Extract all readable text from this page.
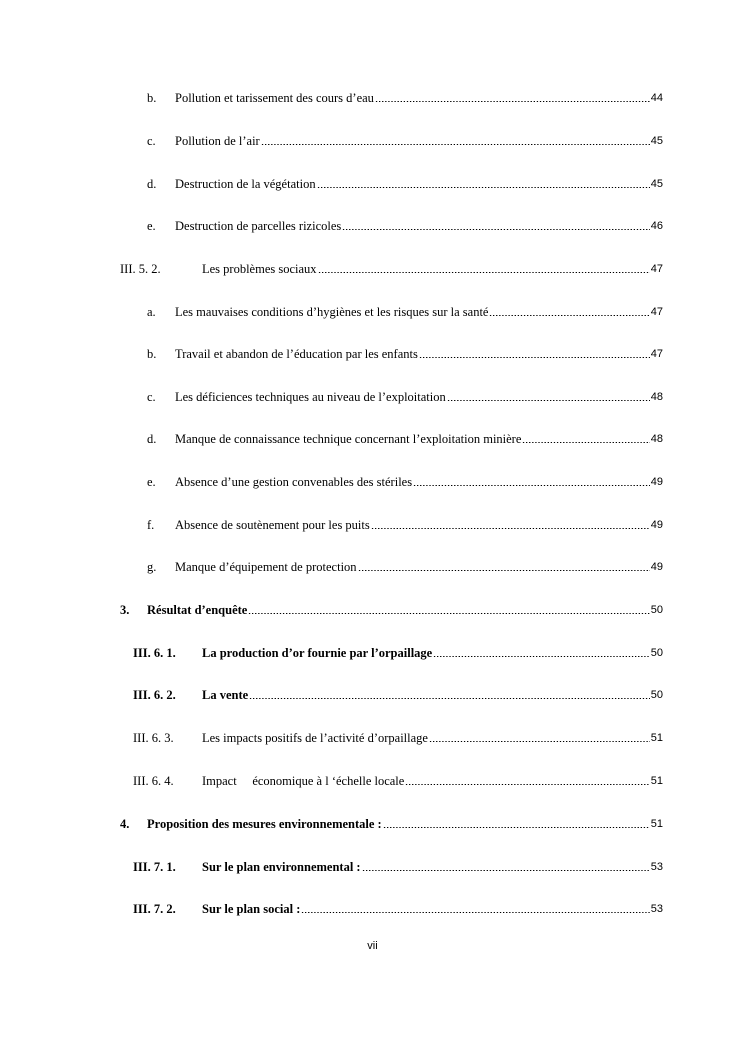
b.	Pollution et tarissement des cours d’eau	44
c.	Pollution de l’air	45
d.	Destruction de la végétation	45
e.	Destruction de parcelles rizicoles	46
III. 5. 2.	Les problèmes sociaux	47
a.	Les mauvaises conditions d’hygiènes et les risques sur la santé	47
b.	Travail et abandon de l’éducation par les enfants	47
c.	Les déficiences techniques au niveau de l’exploitation	48
d.	Manque de connaissance technique concernant l’exploitation minière	48
e.	Absence d’une gestion convenables des stériles	49
f.	Absence de soutènement pour les puits	49
g.	Manque d’équipement de protection	49
3.	Résultat d’enquête	50
III. 6. 1.	La production d’or fournie par l’orpaillage	50
III. 6. 2.	La vente	50
III. 6. 3.	Les impacts positifs de l’activité d’orpaillage	51
III. 6. 4.	Impact     économique à l ‘échelle locale	51
4.	Proposition des mesures environnementale :	51
III. 7. 1.	Sur le plan environnemental :	53
III. 7. 2.	Sur le plan social :	53
vii
